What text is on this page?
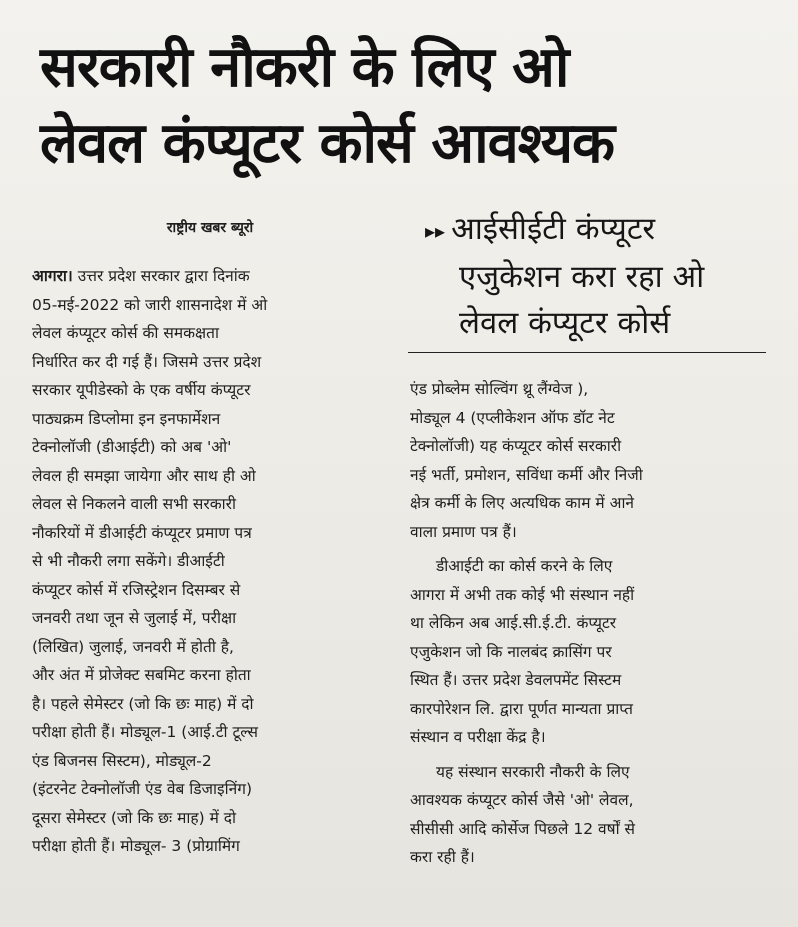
सरकारी नौकरी के लिए ओ
लेवल कंप्यूटर कोर्स आवश्यक
राष्ट्रीय खबर ब्यूरो	▸▸ आईसीईटी कंप्यूटर
एजुकेशन करा रहा ओ
लेवल कंप्यूटर कोर्स
आगरा। उत्तर प्रदेश सरकार द्वारा दिनांक
05-मई-2022 को जारी शासनादेश में ओ
लेवल कंप्यूटर कोर्स की समकक्षता
निर्धारित कर दी गई हैं। जिसमे उत्तर प्रदेश
सरकार यूपीडेस्को के एक वर्षीय कंप्यूटर
पाठ्यक्रम डिप्लोमा इन इनफार्मेशन
टेक्नोलॉजी (डीआईटी) को अब 'ओ'
लेवल ही समझा जायेगा और साथ ही ओ
लेवल से निकलने वाली सभी सरकारी
नौकरियों में डीआईटी कंप्यूटर प्रमाण पत्र
से भी नौकरी लगा सकेंगे। डीआईटी
कंप्यूटर कोर्स में रजिस्ट्रेशन दिसम्बर से
जनवरी तथा जून से जुलाई में, परीक्षा
(लिखित) जुलाई, जनवरी में होती है,
और अंत में प्रोजेक्ट सबमिट करना होता
है। पहले सेमेस्टर (जो कि छः माह) में दो
परीक्षा होती हैं। मोड्यूल-1 (आई.टी टूल्स
एंड बिजनस सिस्टम), मोड्यूल-2
(इंटरनेट टेक्नोलॉजी एंड वेब डिजाइनिंग)
दूसरा सेमेस्टर (जो कि छः माह) में दो
परीक्षा होती हैं। मोड्यूल- 3 (प्रोग्रामिंग
एंड प्रोब्लेम सोल्विंग थ्रू लैंग्वेज ),
मोड्यूल 4 (एप्लीकेशन ऑफ डॉट नेट
टेक्नोलॉजी) यह कंप्यूटर कोर्स सरकारी
नई भर्ती, प्रमोशन, सविंधा कर्मी और निजी
क्षेत्र कर्मी के लिए अत्यधिक काम में आने
वाला प्रमाण पत्र हैं।
डीआईटी का कोर्स करने के लिए
आगरा में अभी तक कोई भी संस्थान नहीं
था लेकिन अब आई.सी.ई.टी. कंप्यूटर
एजुकेशन जो कि नालबंद क्रासिंग पर
स्थित हैं। उत्तर प्रदेश डेवलपमेंट सिस्टम
कारपोरेशन लि. द्वारा पूर्णत मान्यता प्राप्त
संस्थान व परीक्षा केंद्र है।
यह संस्थान सरकारी नौकरी के लिए
आवश्यक कंप्यूटर कोर्स जैसे 'ओ' लेवल,
सीसीसी आदि कोर्सेज पिछले 12 वर्षों से
करा रही हैं।
